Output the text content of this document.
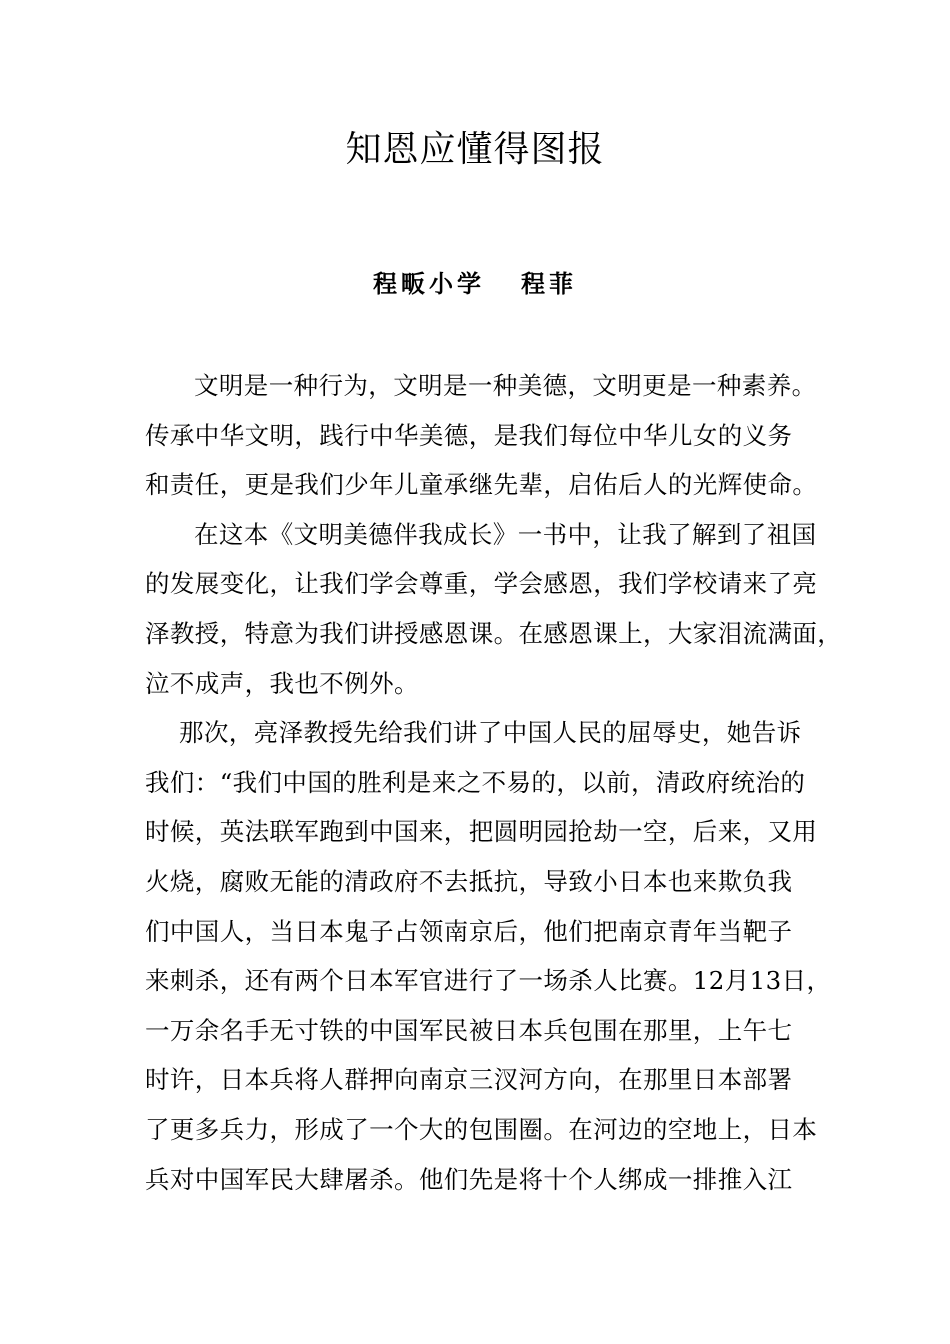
知恩应懂得图报

程畈小学 程菲

文明是一种行为，文明是一种美德，文明更是一种素养。

传承中华文明，践行中华美德，是我们每位中华儿女的义务

和责任，更是我们少年儿童承继先辈，启佑后人的光辉使命。

在这本《文明美德伴我成长》一书中，让我了解到了祖国

的发展变化，让我们学会尊重，学会感恩，我们学校请来了亮

泽教授，特意为我们讲授感恩课。在感恩课上，大家泪流满面，

泣不成声，我也不例外。

那次，亮泽教授先给我们讲了中国人民的屈辱史，她告诉

我们：“我们中国的胜利是来之不易的，以前，清政府统治的

时候，英法联军跑到中国来，把圆明园抢劫一空，后来，又用

火烧，腐败无能的清政府不去抵抗，导致小日本也来欺负我

们中国人，当日本鬼子占领南京后，他们把南京青年当靶子

来刺杀，还有两个日本军官进行了一场杀人比赛。12月13日，

一万余名手无寸铁的中国军民被日本兵包围在那里，上午七

时许，日本兵将人群押向南京三汊河方向，在那里日本部署

了更多兵力，形成了一个大的包围圈。在河边的空地上，日本

兵对中国军民大肆屠杀。他们先是将十个人绑成一排推入江
